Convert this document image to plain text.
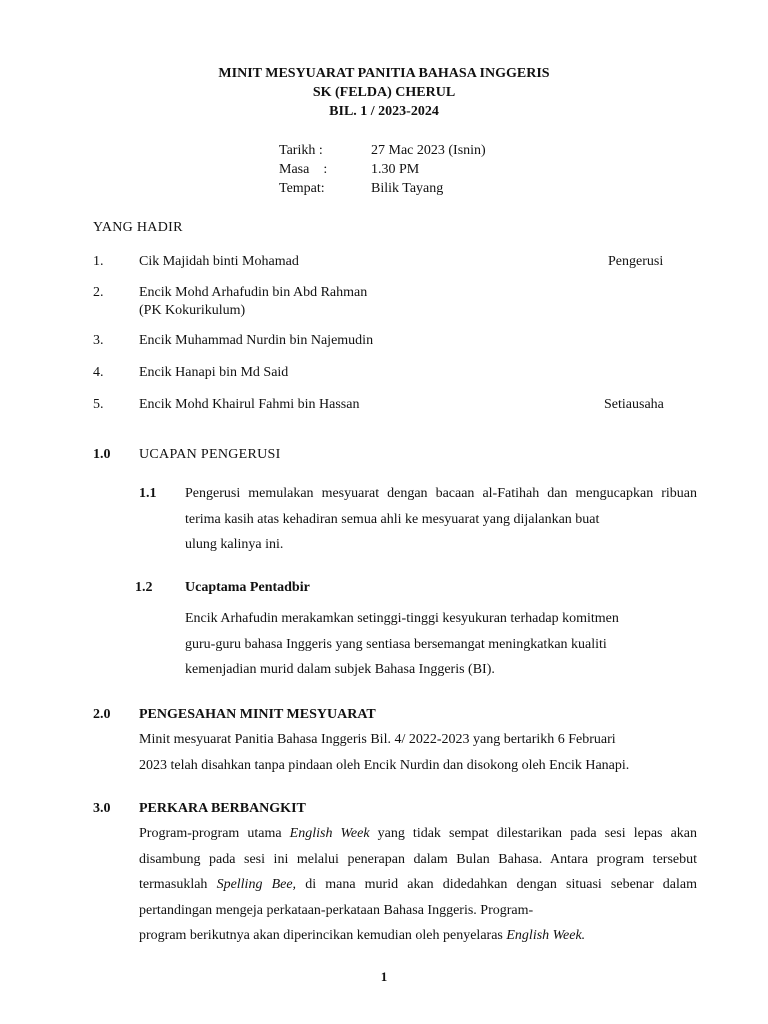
MINIT MESYUARAT PANITIA BAHASA INGGERIS
SK (FELDA) CHERUL
BIL. 1 / 2023-2024
Tarikh :	27 Mac 2023 (Isnin)
Masa    :	1.30 PM
Tempat:	Bilik Tayang
YANG HADIR
1.	Cik Majidah binti Mohamad	Pengerusi
2.	Encik Mohd Arhafudin bin Abd Rahman
(PK Kokurikulum)
3.	Encik Muhammad Nurdin bin Najemudin
4.	Encik Hanapi bin Md Said
5.	Encik Mohd Khairul Fahmi bin Hassan	Setiausaha
1.0 UCAPAN PENGERUSI
1.1 Pengerusi memulakan mesyuarat dengan bacaan al-Fatihah dan mengucapkan ribuan terima kasih atas kehadiran semua ahli ke mesyuarat yang dijalankan buat
ulung kalinya ini.
1.2 Ucaptama Pentadbir
Encik Arhafudin merakamkan setinggi-tinggi kesyukuran terhadap komitmen
guru-guru bahasa Inggeris yang sentiasa bersemangat meningkatkan kualiti
kemenjadian murid dalam subjek Bahasa Inggeris (BI).
2.0 PENGESAHAN MINIT MESYUARAT
Minit mesyuarat Panitia Bahasa Inggeris Bil. 4/ 2022-2023 yang bertarikh 6 Februari
2023 telah disahkan tanpa pindaan oleh Encik Nurdin dan disokong oleh Encik Hanapi.
3.0 PERKARA BERBANGKIT
Program-program utama English Week yang tidak sempat dilestarikan pada sesi lepas akan disambung pada sesi ini melalui penerapan dalam Bulan Bahasa. Antara program tersebut termasuklah Spelling Bee, di mana murid akan didedahkan dengan situasi sebenar dalam pertandingan mengeja perkataan-perkataan Bahasa Inggeris. Program-
program berikutnya akan diperincikan kemudian oleh penyelaras English Week.
1
